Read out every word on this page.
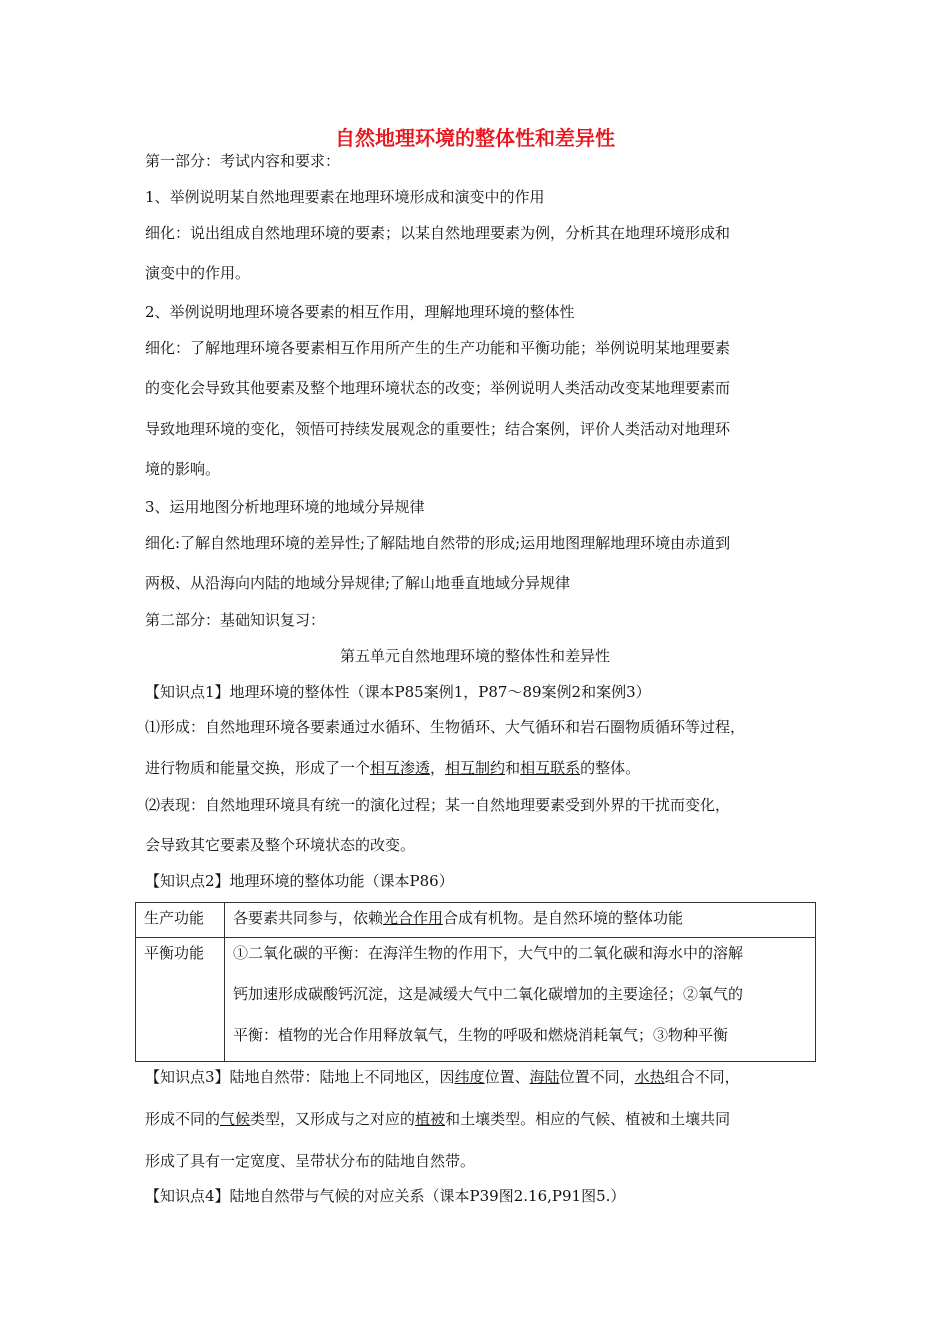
自然地理环境的整体性和差异性
第一部分：考试内容和要求：
1、举例说明某自然地理要素在地理环境形成和演变中的作用
细化：说出组成自然地理环境的要素；以某自然地理要素为例，分析其在地理环境形成和
演变中的作用。
2、举例说明地理环境各要素的相互作用，理解地理环境的整体性
细化：了解地理环境各要素相互作用所产生的生产功能和平衡功能；举例说明某地理要素
的变化会导致其他要素及整个地理环境状态的改变；举例说明人类活动改变某地理要素而
导致地理环境的变化，领悟可持续发展观念的重要性；结合案例，评价人类活动对地理环
境的影响。
3、运用地图分析地理环境的地域分异规律
细化:了解自然地理环境的差异性;了解陆地自然带的形成;运用地图理解地理环境由赤道到
两极、从沿海向内陆的地域分异规律;了解山地垂直地域分异规律
第二部分：基础知识复习：
第五单元自然地理环境的整体性和差异性
【知识点1】地理环境的整体性（课本P85案例1，P87～89案例2和案例3）
⑴形成：自然地理环境各要素通过水循环、生物循环、大气循环和岩石圈物质循环等过程，
进行物质和能量交换，形成了一个相互渗透，相互制约和相互联系的整体。
⑵表现：自然地理环境具有统一的演化过程；某一自然地理要素受到外界的干扰而变化，
会导致其它要素及整个环境状态的改变。
【知识点2】地理环境的整体功能（课本P86）
生产功能	各要素共同参与，依赖光合作用合成有机物。是自然环境的整体功能

平衡功能	①二氧化碳的平衡：在海洋生物的作用下，大气中的二氧化碳和海水中的溶解
钙加速形成碳酸钙沉淀，这是减缓大气中二氧化碳增加的主要途径；②氧气的
平衡：植物的光合作用释放氧气，生物的呼吸和燃烧消耗氧气；③物种平衡
【知识点3】陆地自然带：陆地上不同地区，因纬度位置、海陆位置不同，水热组合不同，
形成不同的气候类型，又形成与之对应的植被和土壤类型。相应的气候、植被和土壤共同
形成了具有一定宽度、呈带状分布的陆地自然带。
【知识点4】陆地自然带与气候的对应关系（课本P39图2.16,P91图5.）
